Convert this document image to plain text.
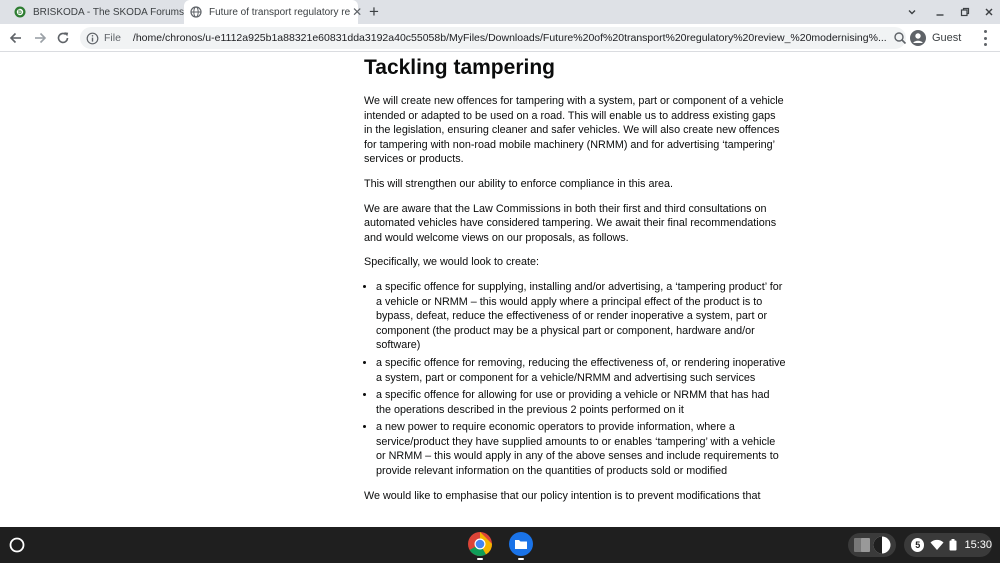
b BRISKODA - The SKODA Forums	Future of transport regulatory re ✕ +
File /home/chronos/u-e1112a925b1a88321e60831dda3192a40c55058b/MyFiles/Downloads/Future%20of%20transport%20regulatory%20review_%20modernising%...	Guest
Tackling tampering

We will create new offences for tampering with a system, part or component of a vehicle intended or adapted to be used on a road. This will enable us to address existing gaps in the legislation, ensuring cleaner and safer vehicles. We will also create new offences for tampering with non-road mobile machinery (NRMM) and for advertising ‘tampering’ services or products.

This will strengthen our ability to enforce compliance in this area.

We are aware that the Law Commissions in both their first and third consultations on automated vehicles have considered tampering. We await their final recommendations and would welcome views on our proposals, as follows.

Specifically, we would look to create:

• a specific offence for supplying, installing and/or advertising, a ‘tampering product’ for a vehicle or NRMM – this would apply where a principal effect of the product is to bypass, defeat, reduce the effectiveness of or render inoperative a system, part or component (the product may be a physical part or component, hardware and/or software)
• a specific offence for removing, reducing the effectiveness of, or rendering inoperative a system, part or component for a vehicle/NRMM and advertising such services
• a specific offence for allowing for use or providing a vehicle or NRMM that has had the operations described in the previous 2 points performed on it
• a new power to require economic operators to provide information, where a service/product they have supplied amounts to or enables ‘tampering’ with a vehicle or NRMM – this would apply in any of the above senses and include requirements to provide relevant information on the quantities of products sold or modified

We would like to emphasise that our policy intention is to prevent modifications that

5	15:30
